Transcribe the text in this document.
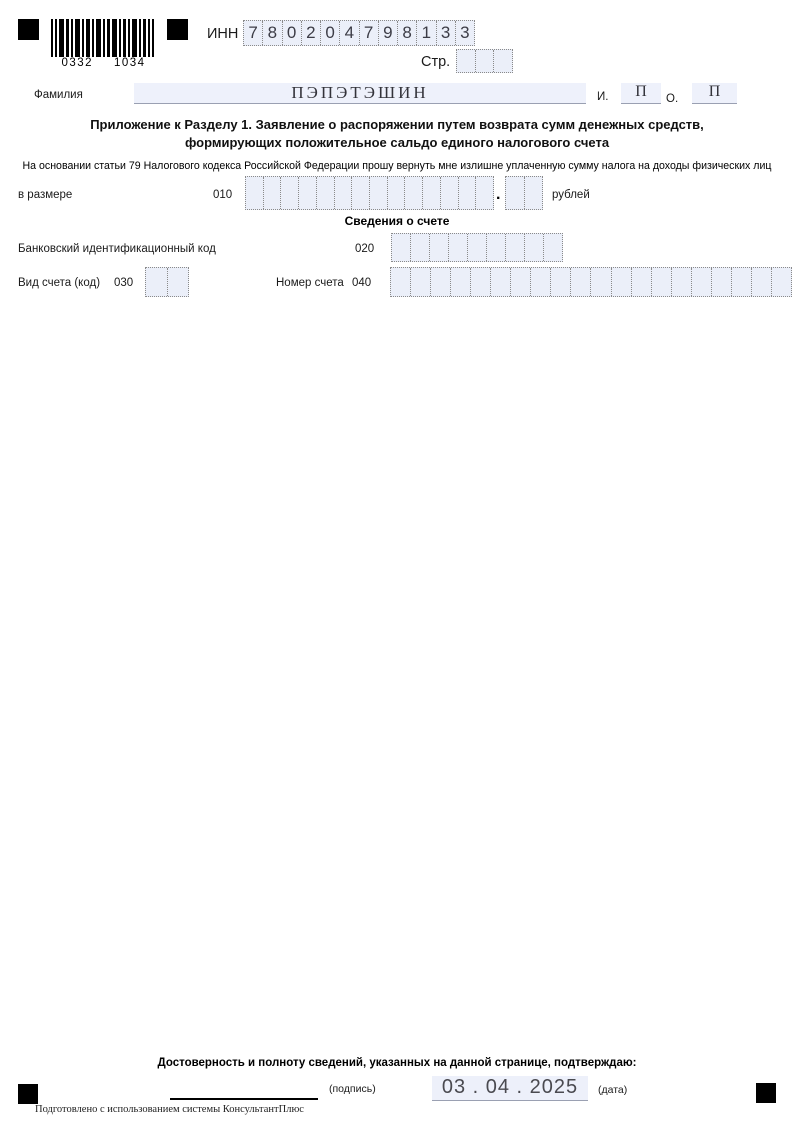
0332 1034
ИНН 7 8 0 2 0 4 7 9 8 1 3 3
Стр.
Фамилия	ПЭПЭТЭШИН	И.	П	О.	П
Приложение к Разделу 1. Заявление о распоряжении путем возврата сумм денежных средств,
формирующих положительное сальдо единого налогового счета
На основании статьи 79 Налогового кодекса Российской Федерации прошу вернуть мне излишне уплаченную сумму налога на доходы физических лиц
в размере	010	.	рублей
Сведения о счете
Банковский идентификационный код	020
Вид счета (код) 030	Номер счета 040
Достоверность и полноту сведений, указанных на данной странице, подтверждаю:
(подпись)	03 . 04 . 2025	(дата)
Подготовлено с использованием системы КонсультантПлюс
